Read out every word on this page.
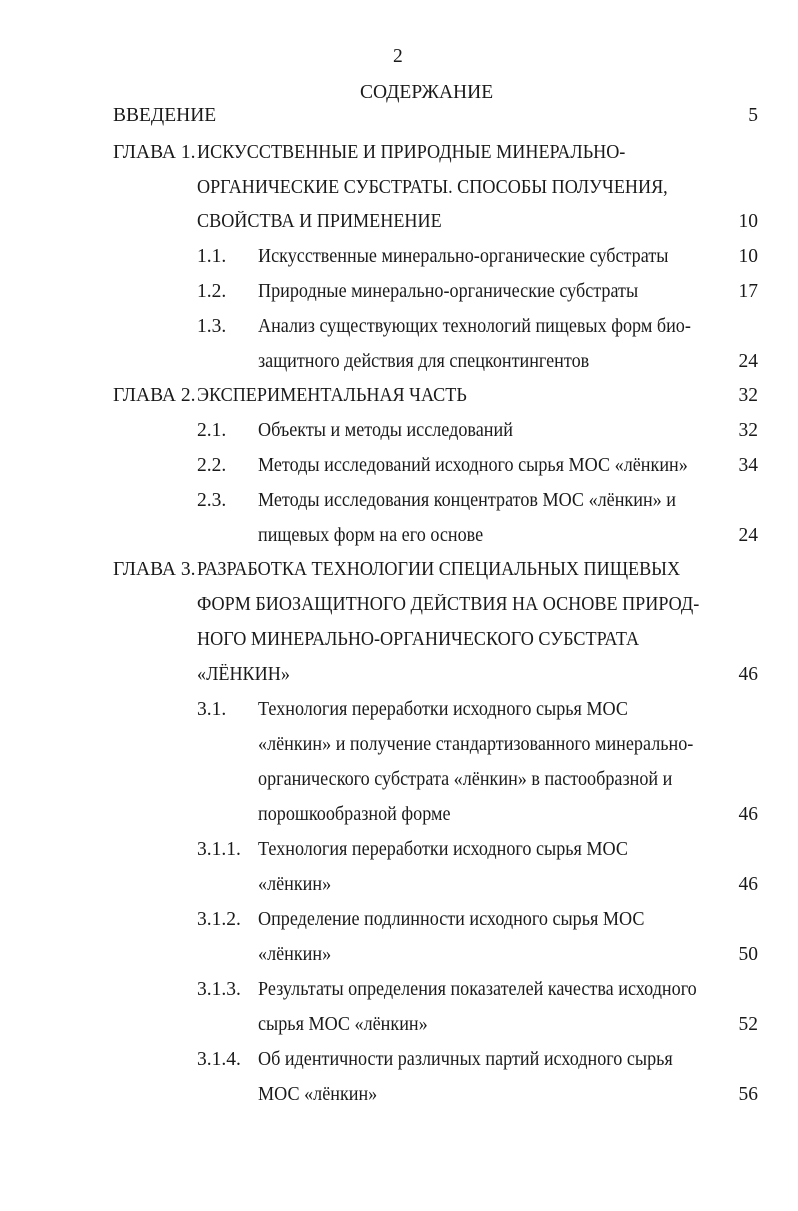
2
СОДЕРЖАНИЕ
ВВЕДЕНИЕ	5
ГЛАВА 1. ИСКУССТВЕННЫЕ И ПРИРОДНЫЕ МИНЕРАЛЬНО-
ОРГАНИЧЕСКИЕ СУБСТРАТЫ. СПОСОБЫ ПОЛУЧЕНИЯ,
СВОЙСТВА И ПРИМЕНЕНИЕ	10
1.1. Искусственные минерально-органические субстраты	10
1.2. Природные минерально-органические субстраты	17
1.3. Анализ существующих технологий пищевых форм био-
защитного действия для спецконтингентов	24
ГЛАВА 2. ЭКСПЕРИМЕНТАЛЬНАЯ ЧАСТЬ	32
2.1. Объекты и методы исследований	32
2.2. Методы исследований исходного сырья МОС «лёнкин»	34
2.3. Методы исследования концентратов МОС «лёнкин» и
пищевых форм на его основе	24
ГЛАВА 3. РАЗРАБОТКА ТЕХНОЛОГИИ СПЕЦИАЛЬНЫХ ПИЩЕВЫХ
ФОРМ БИОЗАЩИТНОГО ДЕЙСТВИЯ НА ОСНОВЕ ПРИРОД-
НОГО МИНЕРАЛЬНО-ОРГАНИЧЕСКОГО СУБСТРАТА
«ЛЁНКИН»	46
3.1. Технология переработки исходного сырья МОС
«лёнкин» и получение стандартизованного минерально-
органического субстрата «лёнкин» в пастообразной и
порошкообразной форме	46
3.1.1. Технология переработки исходного сырья МОС
«лёнкин»	46
3.1.2. Определение подлинности исходного сырья МОС
«лёнкин»	50
3.1.3. Результаты определения показателей качества исходного
сырья МОС «лёнкин»	52
3.1.4. Об идентичности различных партий исходного сырья
МОС «лёнкин»	56
